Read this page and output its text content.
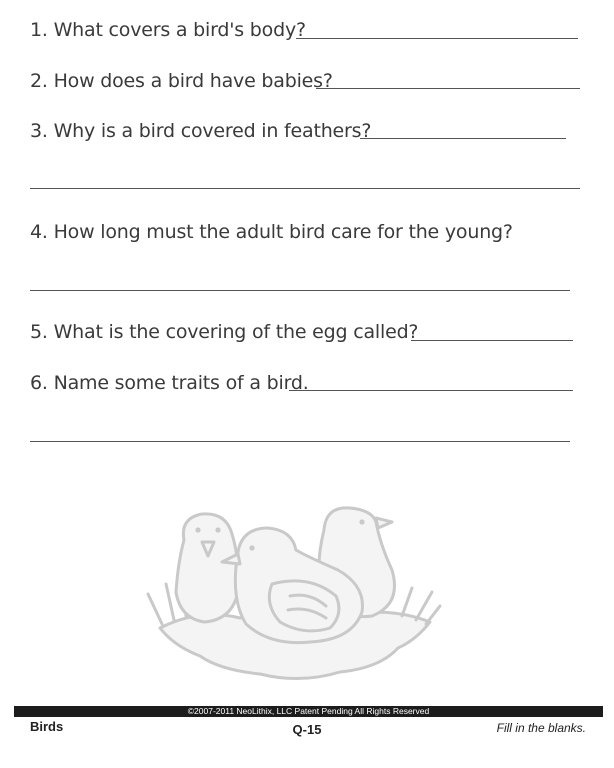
1. What covers a bird's body?
2. How does a bird have babies?
3. Why is a bird covered in feathers?
4. How long must the adult bird care for the young?
5. What is the covering of the egg called?
6. Name some traits of a bird.
©2007-2011 NeoLithix, LLC Patent Pending All Rights Reserved
Birds	Q-15	Fill in the blanks.
